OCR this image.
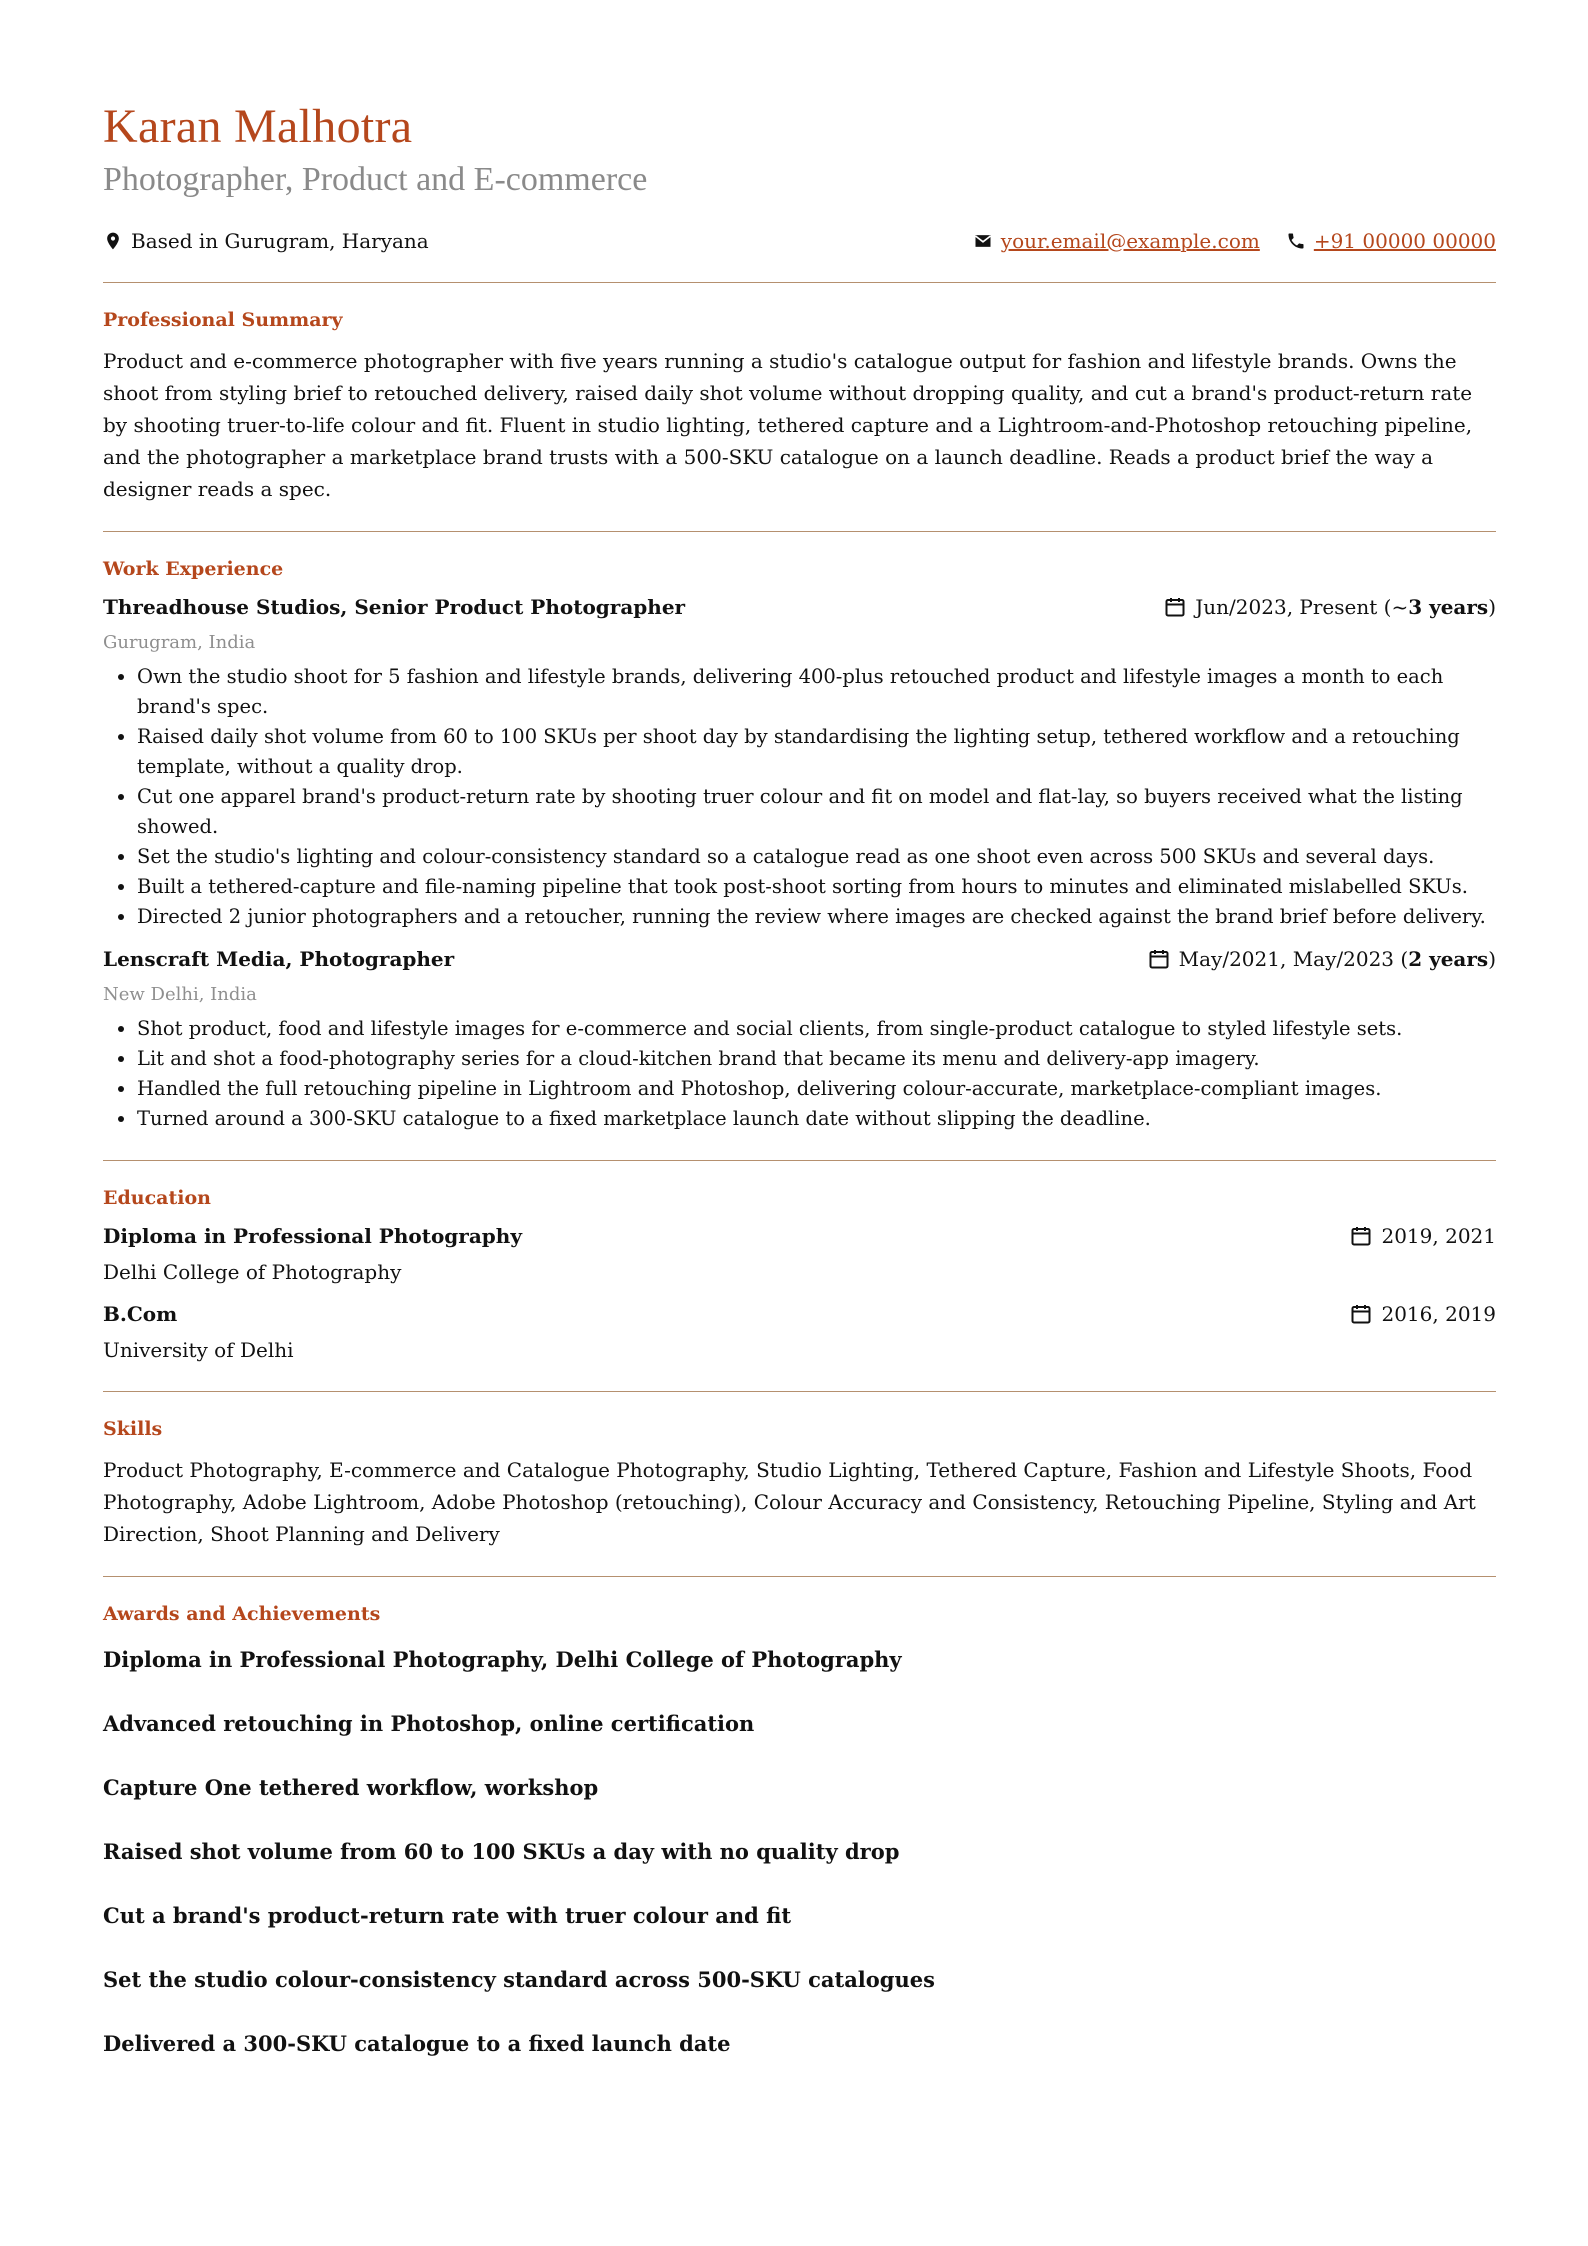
Karan Malhotra
Photographer, Product and E-commerce
Based in Gurugram, Haryana	your.email@example.com	+91 00000 00000
Professional Summary

Product and e-commerce photographer with five years running a studio's catalogue output for fashion and lifestyle brands. Owns the shoot from styling brief to retouched delivery, raised daily shot volume without dropping quality, and cut a brand's product-return rate by shooting truer-to-life colour and fit. Fluent in studio lighting, tethered capture and a Lightroom-and-Photoshop retouching pipeline, and the photographer a marketplace brand trusts with a 500-SKU catalogue on a launch deadline. Reads a product brief the way a designer reads a spec.

Work Experience
Threadhouse Studios, Senior Product Photographer	Jun/2023, Present (~ 3 years )
Gurugram, India
• Own the studio shoot for 5 fashion and lifestyle brands, delivering 400-plus retouched product and lifestyle images a month to each brand's spec.
• Raised daily shot volume from 60 to 100 SKUs per shoot day by standardising the lighting setup, tethered workflow and a retouching template, without a quality drop.
• Cut one apparel brand's product-return rate by shooting truer colour and fit on model and flat-lay, so buyers received what the listing showed.
• Set the studio's lighting and colour-consistency standard so a catalogue read as one shoot even across 500 SKUs and several days.
• Built a tethered-capture and file-naming pipeline that took post-shoot sorting from hours to minutes and eliminated mislabelled SKUs.
• Directed 2 junior photographers and a retoucher, running the review where images are checked against the brand brief before delivery.
Lenscraft Media, Photographer	May/2021, May/2023 ( 2 years )
New Delhi, India
• Shot product, food and lifestyle images for e-commerce and social clients, from single-product catalogue to styled lifestyle sets.
• Lit and shot a food-photography series for a cloud-kitchen brand that became its menu and delivery-app imagery.
• Handled the full retouching pipeline in Lightroom and Photoshop, delivering colour-accurate, marketplace-compliant images.
• Turned around a 300-SKU catalogue to a fixed marketplace launch date without slipping the deadline.
Education
Diploma in Professional Photography	2019, 2021
Delhi College of Photography
B.Com	2016, 2019
University of Delhi
Skills

Product Photography, E-commerce and Catalogue Photography, Studio Lighting, Tethered Capture, Fashion and Lifestyle Shoots, Food Photography, Adobe Lightroom, Adobe Photoshop (retouching), Colour Accuracy and Consistency, Retouching Pipeline, Styling and Art Direction, Shoot Planning and Delivery

Awards and Achievements
Diploma in Professional Photography, Delhi College of Photography
Advanced retouching in Photoshop, online certification
Capture One tethered workflow, workshop
Raised shot volume from 60 to 100 SKUs a day with no quality drop
Cut a brand's product-return rate with truer colour and fit
Set the studio colour-consistency standard across 500-SKU catalogues
Delivered a 300-SKU catalogue to a fixed launch date
